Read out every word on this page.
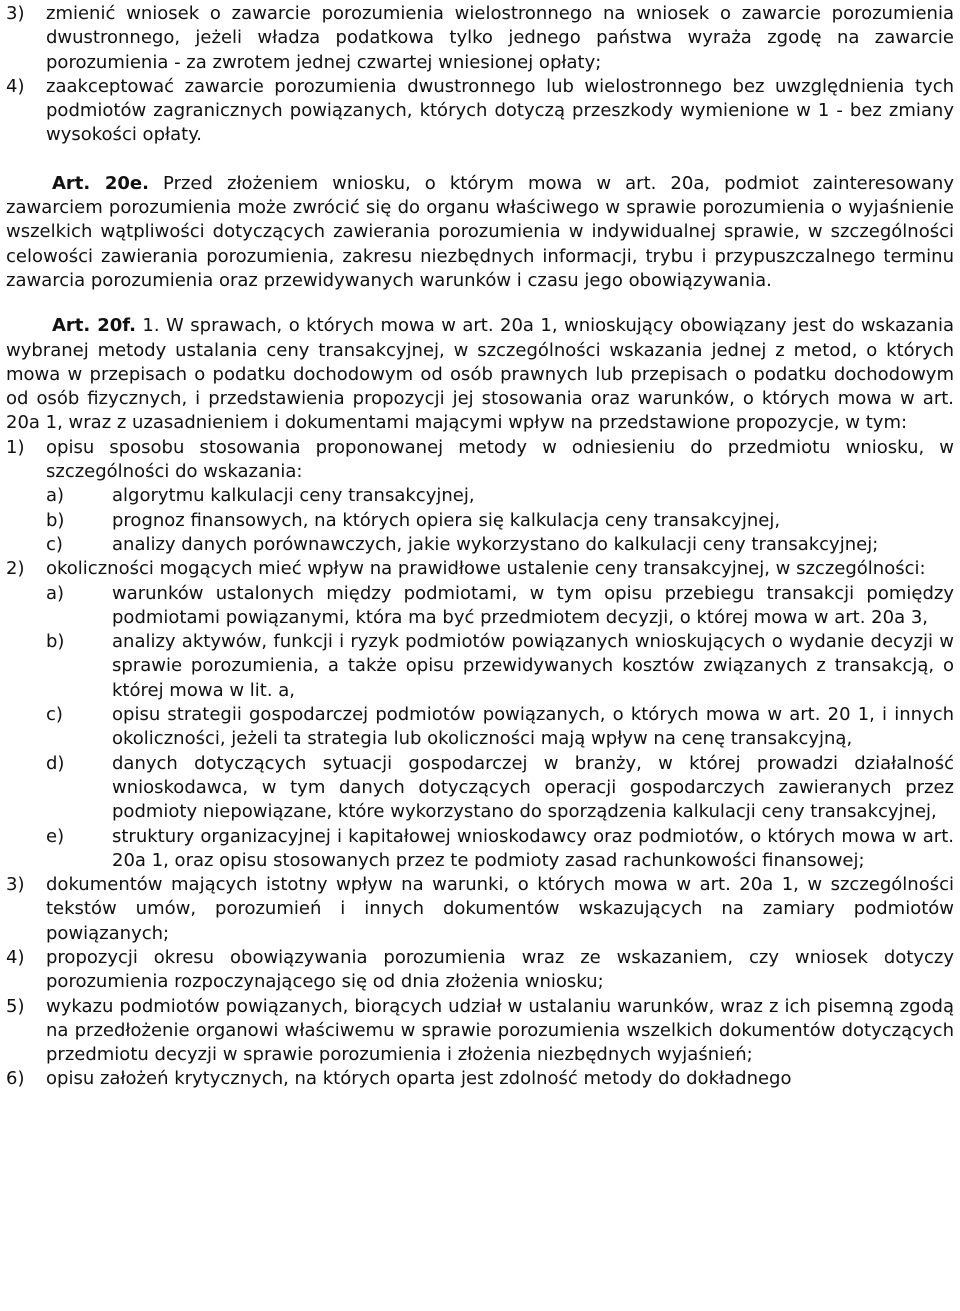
3)	zmienić wniosek o zawarcie porozumienia wielostronnego na wniosek o zawarcie porozumienia dwustronnego, jeżeli władza podatkowa tylko jednego państwa wyraża zgodę na zawarcie porozumienia - za zwrotem jednej czwartej wniesionej opłaty;
4)	zaakceptować zawarcie porozumienia dwustronnego lub wielostronnego bez uwzględnienia tych podmiotów zagranicznych powiązanych, których dotyczą przeszkody wymienione w 1 - bez zmiany wysokości opłaty.

Art. 20e. Przed złożeniem wniosku, o którym mowa w art. 20a, podmiot zainteresowany zawarciem porozumienia może zwrócić się do organu właściwego w sprawie porozumienia o wyjaśnienie wszelkich wątpliwości dotyczących zawierania porozumienia w indywidualnej sprawie, w szczególności celowości zawierania porozumienia, zakresu niezbędnych informacji, trybu i przypuszczalnego terminu zawarcia porozumienia oraz przewidywanych warunków i czasu jego obowiązywania.

Art. 20f. 1. W sprawach, o których mowa w art. 20a 1, wnioskujący obowiązany jest do wskazania wybranej metody ustalania ceny transakcyjnej, w szczególności wskazania jednej z metod, o których mowa w przepisach o podatku dochodowym od osób prawnych lub przepisach o podatku dochodowym od osób fizycznych, i przedstawienia propozycji jej stosowania oraz warunków, o których mowa w art. 20a 1, wraz z uzasadnieniem i dokumentami mającymi wpływ na przedstawione propozycje, w tym:

1)	opisu sposobu stosowania proponowanej metody w odniesieniu do przedmiotu wniosku, w szczególności do wskazania:
a)	algorytmu kalkulacji ceny transakcyjnej,
b)	prognoz finansowych, na których opiera się kalkulacja ceny transakcyjnej,
c)	analizy danych porównawczych, jakie wykorzystano do kalkulacji ceny transakcyjnej;
2)	okoliczności mogących mieć wpływ na prawidłowe ustalenie ceny transakcyjnej, w szczególności:
a)	warunków ustalonych między podmiotami, w tym opisu przebiegu transakcji pomiędzy podmiotami powiązanymi, która ma być przedmiotem decyzji, o której mowa w art. 20a 3,
b)	analizy aktywów, funkcji i ryzyk podmiotów powiązanych wnioskujących o wydanie decyzji w sprawie porozumienia, a także opisu przewidywanych kosztów związanych z transakcją, o której mowa w lit. a,
c)	opisu strategii gospodarczej podmiotów powiązanych, o których mowa w art. 20 1, i innych okoliczności, jeżeli ta strategia lub okoliczności mają wpływ na cenę transakcyjną,
d)	danych dotyczących sytuacji gospodarczej w branży, w której prowadzi działalność wnioskodawca, w tym danych dotyczących operacji gospodarczych zawieranych przez podmioty niepowiązane, które wykorzystano do sporządzenia kalkulacji ceny transakcyjnej,
e)	struktury organizacyjnej i kapitałowej wnioskodawcy oraz podmiotów, o których mowa w art. 20a 1, oraz opisu stosowanych przez te podmioty zasad rachunkowości finansowej;
3)	dokumentów mających istotny wpływ na warunki, o których mowa w art. 20a 1, w szczególności tekstów umów, porozumień i innych dokumentów wskazujących na zamiary podmiotów powiązanych;
4)	propozycji okresu obowiązywania porozumienia wraz ze wskazaniem, czy wniosek dotyczy porozumienia rozpoczynającego się od dnia złożenia wniosku;
5)	wykazu podmiotów powiązanych, biorących udział w ustalaniu warunków, wraz z ich pisemną zgodą na przedłożenie organowi właściwemu w sprawie porozumienia wszelkich dokumentów dotyczących przedmiotu decyzji w sprawie porozumienia i złożenia niezbędnych wyjaśnień;
6)	opisu założeń krytycznych, na których oparta jest zdolność metody do dokładnego
